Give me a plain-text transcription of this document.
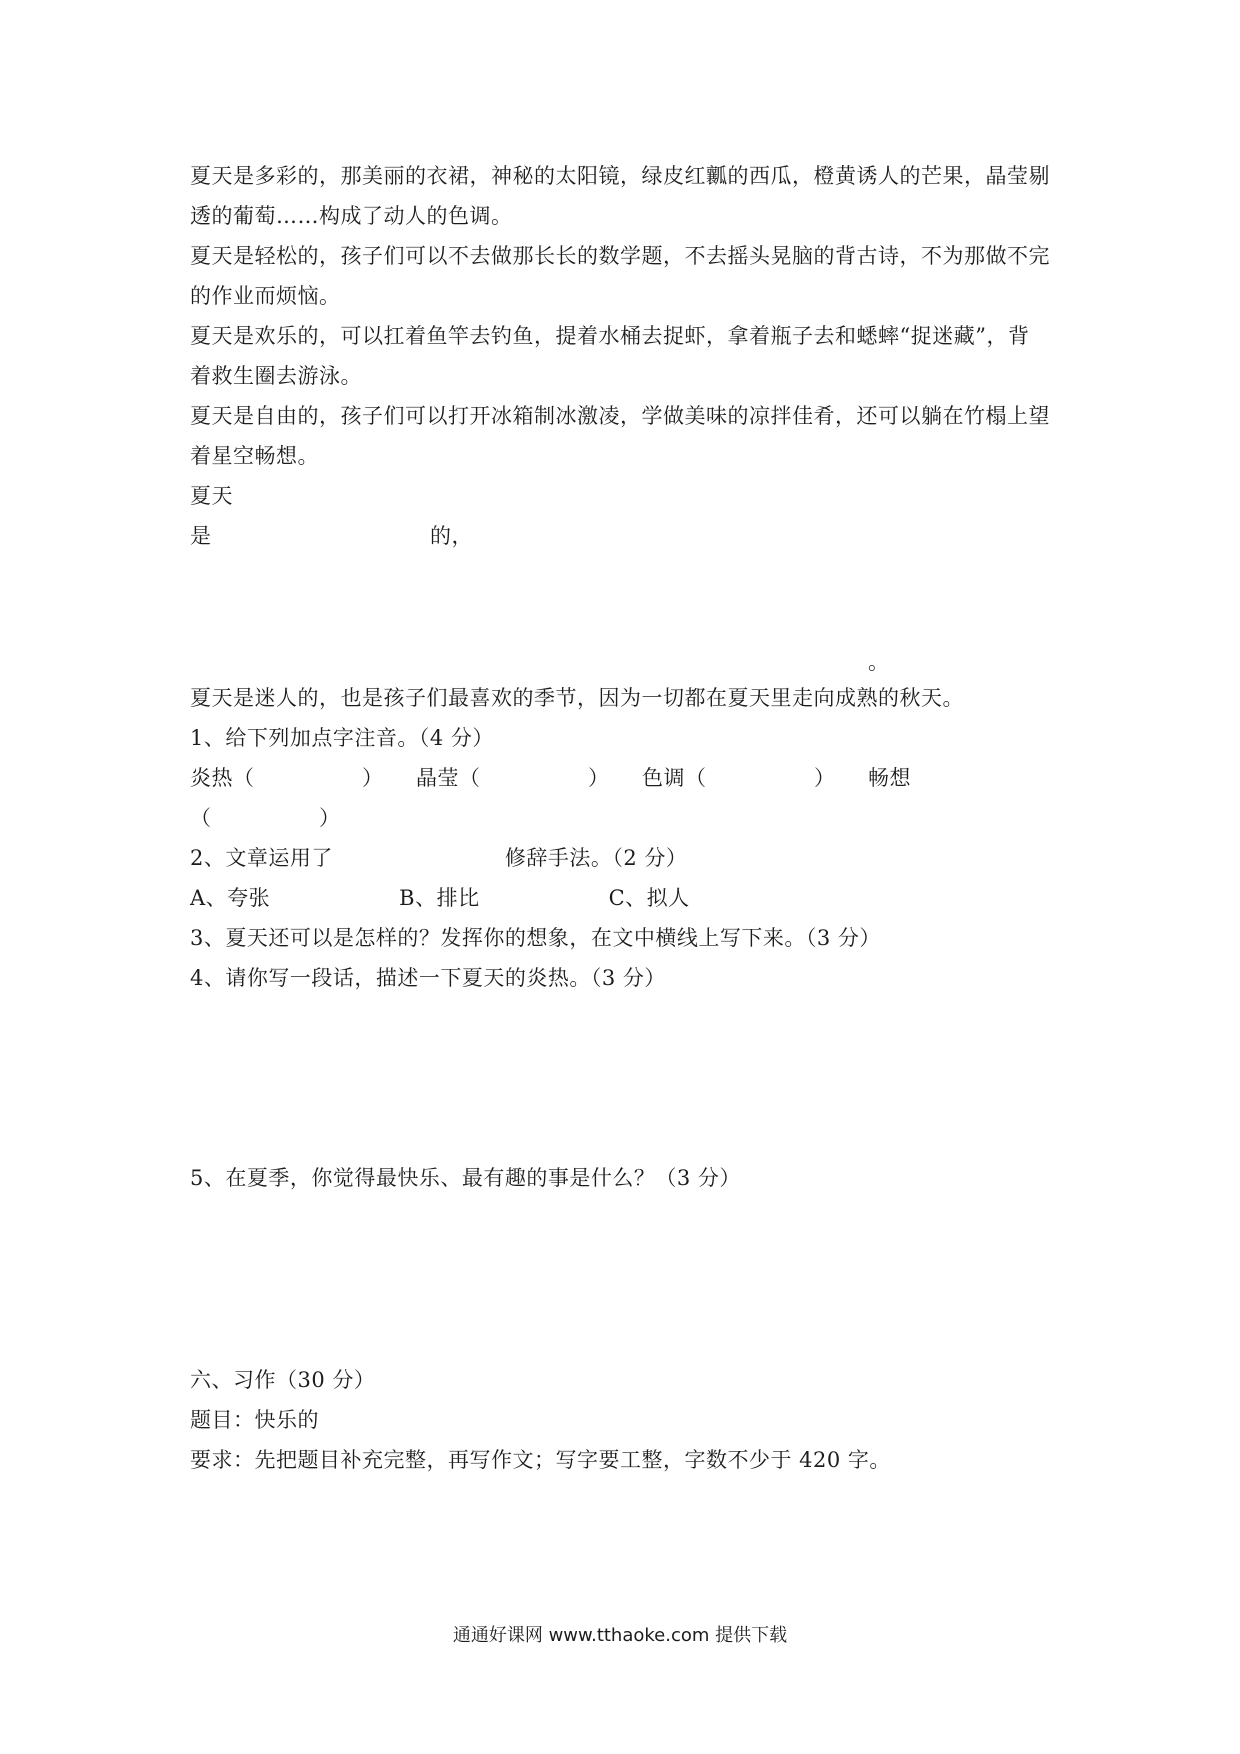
夏天是多彩的，那美丽的衣裙，神秘的太阳镜，绿皮红瓤的西瓜，橙黄诱人的芒果，晶莹剔
透的葡萄……构成了动人的色调。
夏天是轻松的，孩子们可以不去做那长长的数学题，不去摇头晃脑的背古诗，不为那做不完
的作业而烦恼。
夏天是欢乐的，可以扛着鱼竿去钓鱼，提着水桶去捉虾，拿着瓶子去和蟋蟀“捉迷藏”，背
着救生圈去游泳。
夏天是自由的，孩子们可以打开冰箱制冰激凌，学做美味的凉拌佳肴，还可以躺在竹榻上望
着星空畅想。
夏天
是	的，
。
夏天是迷人的，也是孩子们最喜欢的季节，因为一切都在夏天里走向成熟的秋天。
1、给下列加点字注音。（4 分）
炎热（　　　　　）　　晶莹（　　　　　）　　色调（　　　　　）　　畅想
（　　　　　）
2、文章运用了　　　　　　　　修辞手法。（2 分）
A、夸张　　　　　　B、排比　　　　　　C、拟人
3、夏天还可以是怎样的？发挥你的想象，在文中横线上写下来。（3 分）
4、请你写一段话，描述一下夏天的炎热。（3 分）
5、在夏季，你觉得最快乐、最有趣的事是什么？（3 分）
六、习作（30 分）
题目：快乐的
要求：先把题目补充完整，再写作文；写字要工整，字数不少于 420 字。
通通好课网 www.tthaoke.com 提供下载
